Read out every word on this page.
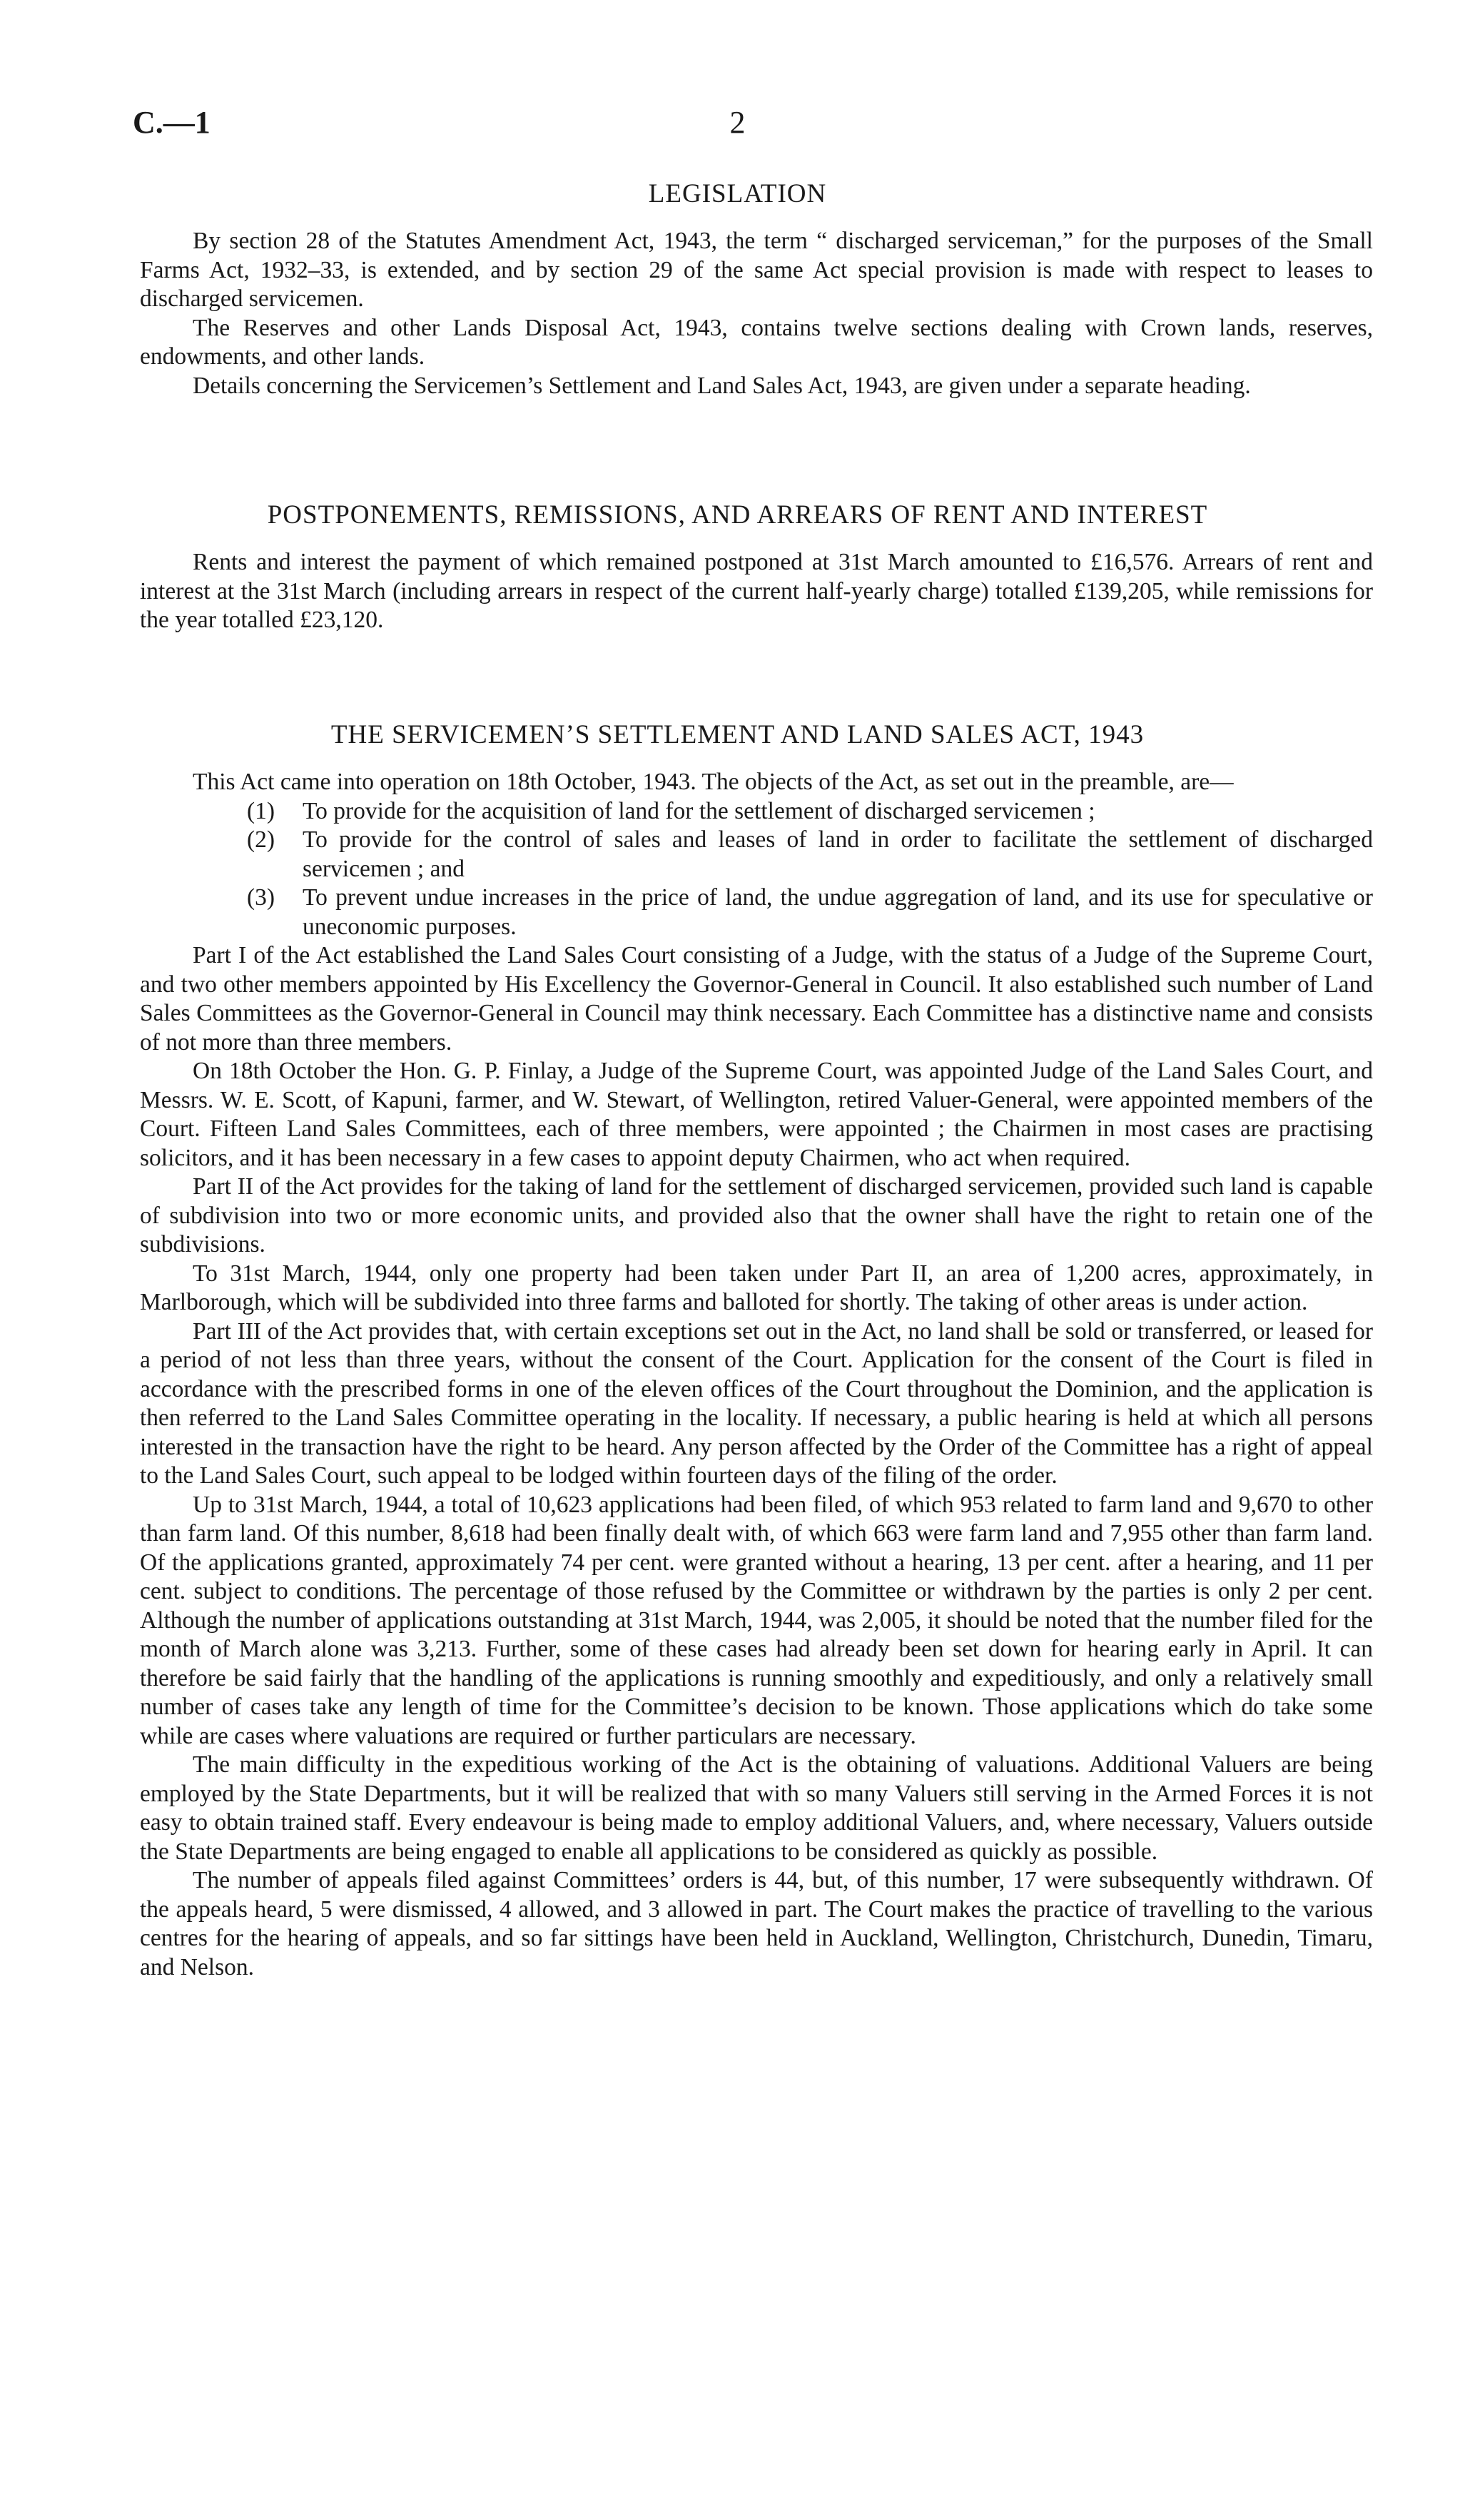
C.—1	2
LEGISLATION

By section 28 of the Statutes Amendment Act, 1943, the term “ discharged serviceman,” for the purposes of the Small Farms Act, 1932–33, is extended, and by section 29 of the same Act special provision is made with respect to leases to discharged servicemen.

The Reserves and other Lands Disposal Act, 1943, contains twelve sections dealing with Crown lands, reserves, endowments, and other lands.

Details concerning the Servicemen’s Settlement and Land Sales Act, 1943, are given under a separate heading.

POSTPONEMENTS, REMISSIONS, AND ARREARS OF RENT AND INTEREST

Rents and interest the payment of which remained postponed at 31st March amounted to £16,576. Arrears of rent and interest at the 31st March (including arrears in respect of the current half-yearly charge) totalled £139,205, while remissions for the year totalled £23,120.

THE SERVICEMEN’S SETTLEMENT AND LAND SALES ACT, 1943

This Act came into operation on 18th October, 1943. The objects of the Act, as set out in the preamble, are—

(1) To provide for the acquisition of land for the settlement of discharged servicemen ;
(2) To provide for the control of sales and leases of land in order to facilitate the settlement of discharged servicemen ; and
(3) To prevent undue increases in the price of land, the undue aggregation of land, and its use for speculative or uneconomic purposes.

Part I of the Act established the Land Sales Court consisting of a Judge, with the status of a Judge of the Supreme Court, and two other members appointed by His Excellency the Governor-General in Council. It also established such number of Land Sales Committees as the Governor-General in Council may think necessary. Each Committee has a distinctive name and consists of not more than three members.

On 18th October the Hon. G. P. Finlay, a Judge of the Supreme Court, was appointed Judge of the Land Sales Court, and Messrs. W. E. Scott, of Kapuni, farmer, and W. Stewart, of Wellington, retired Valuer-General, were appointed members of the Court. Fifteen Land Sales Committees, each of three members, were appointed ; the Chairmen in most cases are practising solicitors, and it has been necessary in a few cases to appoint deputy Chairmen, who act when required.

Part II of the Act provides for the taking of land for the settlement of discharged servicemen, provided such land is capable of subdivision into two or more economic units, and provided also that the owner shall have the right to retain one of the subdivisions.

To 31st March, 1944, only one property had been taken under Part II, an area of 1,200 acres, approximately, in Marlborough, which will be subdivided into three farms and balloted for shortly. The taking of other areas is under action.

Part III of the Act provides that, with certain exceptions set out in the Act, no land shall be sold or transferred, or leased for a period of not less than three years, without the consent of the Court. Application for the consent of the Court is filed in accordance with the prescribed forms in one of the eleven offices of the Court throughout the Dominion, and the application is then referred to the Land Sales Committee operating in the locality. If necessary, a public hearing is held at which all persons interested in the transaction have the right to be heard. Any person affected by the Order of the Committee has a right of appeal to the Land Sales Court, such appeal to be lodged within fourteen days of the filing of the order.

Up to 31st March, 1944, a total of 10,623 applications had been filed, of which 953 related to farm land and 9,670 to other than farm land. Of this number, 8,618 had been finally dealt with, of which 663 were farm land and 7,955 other than farm land. Of the applications granted, approximately 74 per cent. were granted without a hearing, 13 per cent. after a hearing, and 11 per cent. subject to conditions. The percentage of those refused by the Committee or withdrawn by the parties is only 2 per cent. Although the number of applications outstanding at 31st March, 1944, was 2,005, it should be noted that the number filed for the month of March alone was 3,213. Further, some of these cases had already been set down for hearing early in April. It can therefore be said fairly that the handling of the applications is running smoothly and expeditiously, and only a relatively small number of cases take any length of time for the Committee’s decision to be known. Those applications which do take some while are cases where valuations are required or further particulars are necessary.

The main difficulty in the expeditious working of the Act is the obtaining of valuations. Additional Valuers are being employed by the State Departments, but it will be realized that with so many Valuers still serving in the Armed Forces it is not easy to obtain trained staff. Every endeavour is being made to employ additional Valuers, and, where necessary, Valuers outside the State Departments are being engaged to enable all applications to be considered as quickly as possible.

The number of appeals filed against Committees’ orders is 44, but, of this number, 17 were subsequently withdrawn. Of the appeals heard, 5 were dismissed, 4 allowed, and 3 allowed in part. The Court makes the practice of travelling to the various centres for the hearing of appeals, and so far sittings have been held in Auckland, Wellington, Christchurch, Dunedin, Timaru, and Nelson.
